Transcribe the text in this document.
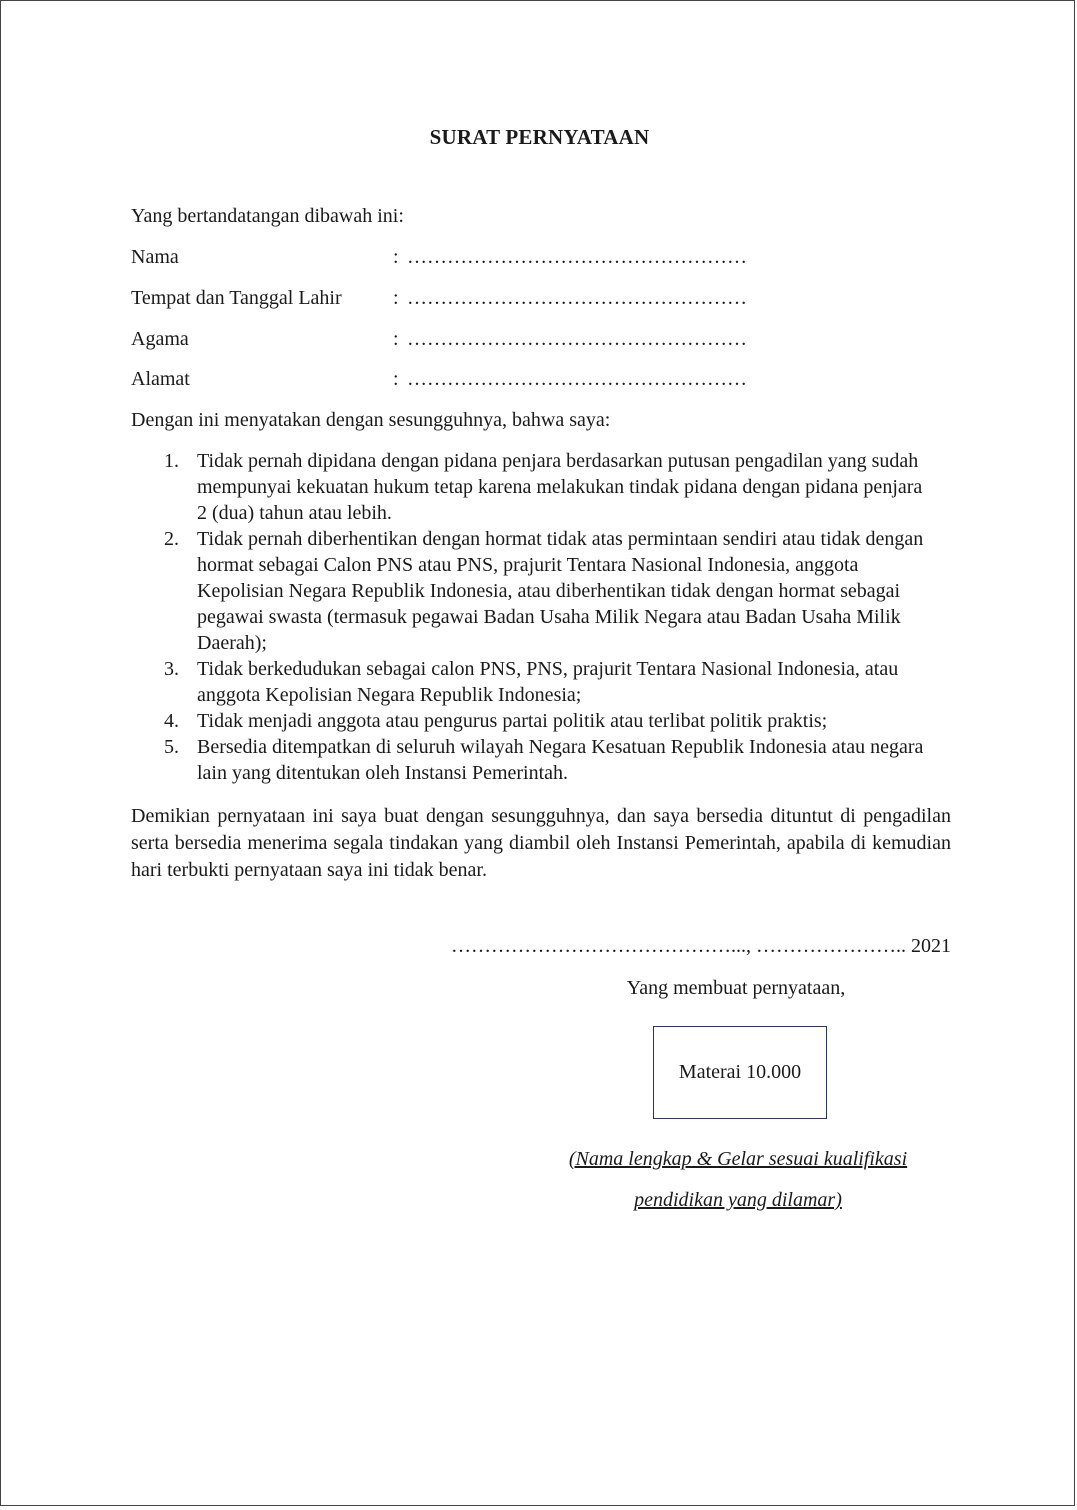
SURAT PERNYATAAN
Yang bertandatangan dibawah ini:
Nama	: ……………………………………………
Tempat dan Tanggal Lahir	: ……………………………………………
Agama	: ……………………………………………
Alamat	: ……………………………………………
Dengan ini menyatakan dengan sesungguhnya, bahwa saya:
1. Tidak pernah dipidana dengan pidana penjara berdasarkan putusan pengadilan yang sudah mempunyai kekuatan hukum tetap karena melakukan tindak pidana dengan pidana penjara 2 (dua) tahun atau lebih.
2. Tidak pernah diberhentikan dengan hormat tidak atas permintaan sendiri atau tidak dengan hormat sebagai Calon PNS atau PNS, prajurit Tentara Nasional Indonesia, anggota Kepolisian Negara Republik Indonesia, atau diberhentikan tidak dengan hormat sebagai pegawai swasta (termasuk pegawai Badan Usaha Milik Negara atau Badan Usaha Milik Daerah);
3. Tidak berkedudukan sebagai calon PNS, PNS, prajurit Tentara Nasional Indonesia, atau anggota Kepolisian Negara Republik Indonesia;
4. Tidak menjadi anggota atau pengurus partai politik atau terlibat politik praktis;
5. Bersedia ditempatkan di seluruh wilayah Negara Kesatuan Republik Indonesia atau negara lain yang ditentukan oleh Instansi Pemerintah.
Demikian pernyataan ini saya buat dengan sesungguhnya, dan saya bersedia dituntut di pengadilan serta bersedia menerima segala tindakan yang diambil oleh Instansi Pemerintah, apabila di kemudian hari terbukti pernyataan saya ini tidak benar.
……………………………………..., ………………….. 2021
Yang membuat pernyataan,
Materai 10.000
(Nama lengkap & Gelar sesuai kualifikasi
pendidikan yang dilamar)
